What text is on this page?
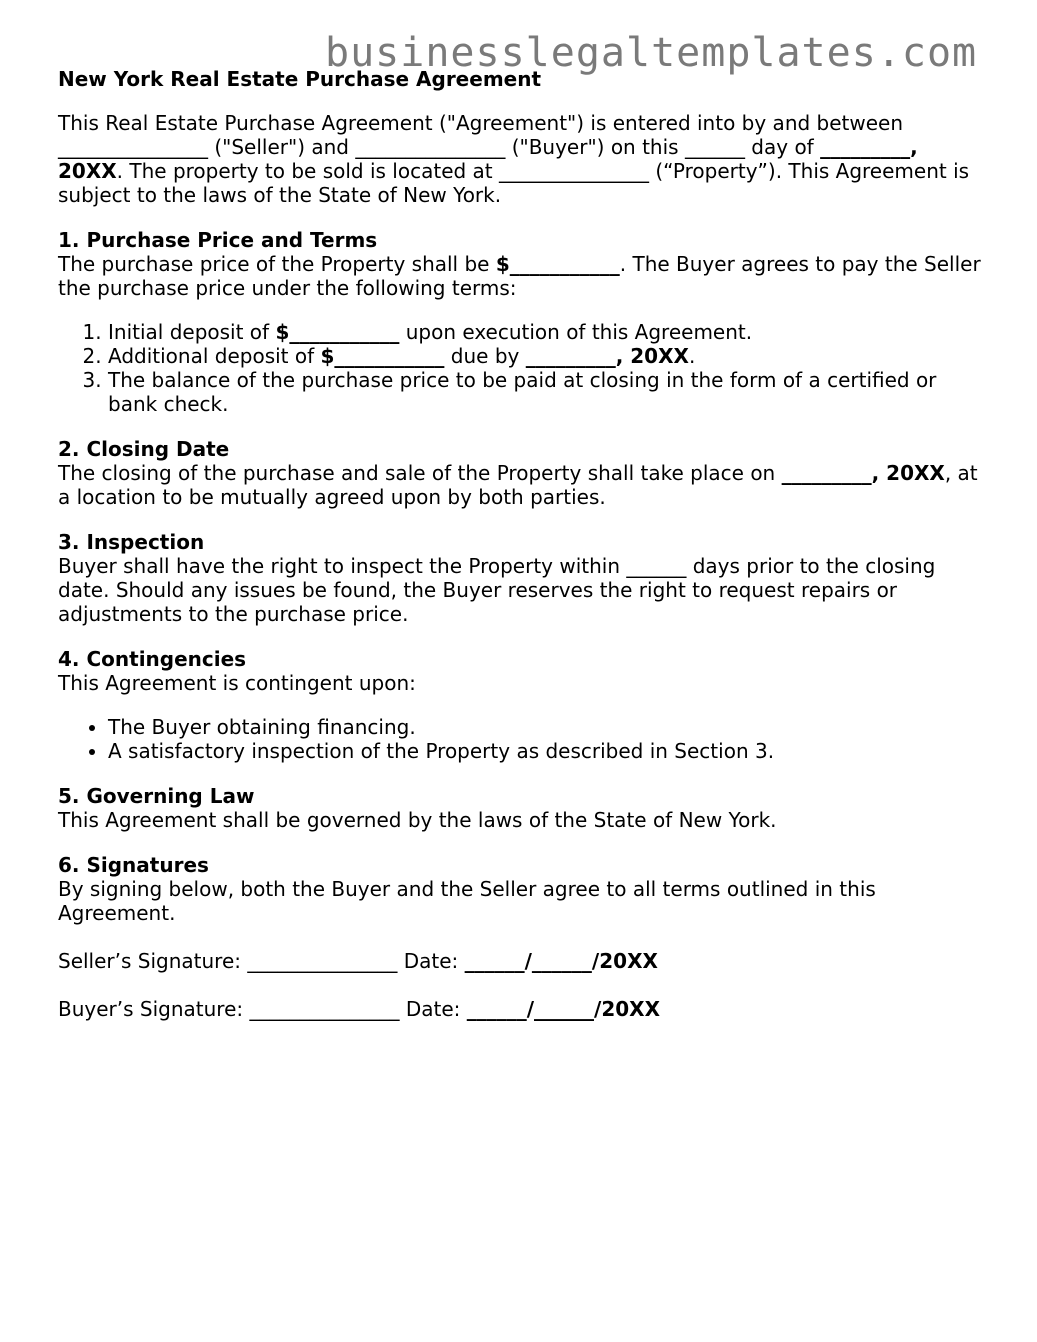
businesslegaltemplates.com

New York Real Estate Purchase Agreement

This Real Estate Purchase Agreement ("Agreement") is entered into by and between
_______________ ("Seller") and _______________ ("Buyer") on this ______ day of _________, 20XX. The property to be sold is located at _______________ (“Property”). This Agreement is subject to the laws of the State of New York.

1. Purchase Price and Terms

The purchase price of the Property shall be $___________. The Buyer agrees to pay the Seller the purchase price under the following terms:

1. Initial deposit of $___________ upon execution of this Agreement.
2. Additional deposit of $___________ due by _________, 20XX.
3. The balance of the purchase price to be paid at closing in the form of a certified or bank check.

2. Closing Date

The closing of the purchase and sale of the Property shall take place on _________, 20XX, at a location to be mutually agreed upon by both parties.

3. Inspection

Buyer shall have the right to inspect the Property within ______ days prior to the closing date. Should any issues be found, the Buyer reserves the right to request repairs or adjustments to the purchase price.

4. Contingencies

This Agreement is contingent upon:

• The Buyer obtaining financing.
• A satisfactory inspection of the Property as described in Section 3.

5. Governing Law

This Agreement shall be governed by the laws of the State of New York.

6. Signatures

By signing below, both the Buyer and the Seller agree to all terms outlined in this Agreement.

Seller’s Signature: _______________ Date: ______/______/20XX

Buyer’s Signature: _______________ Date: ______/______/20XX
